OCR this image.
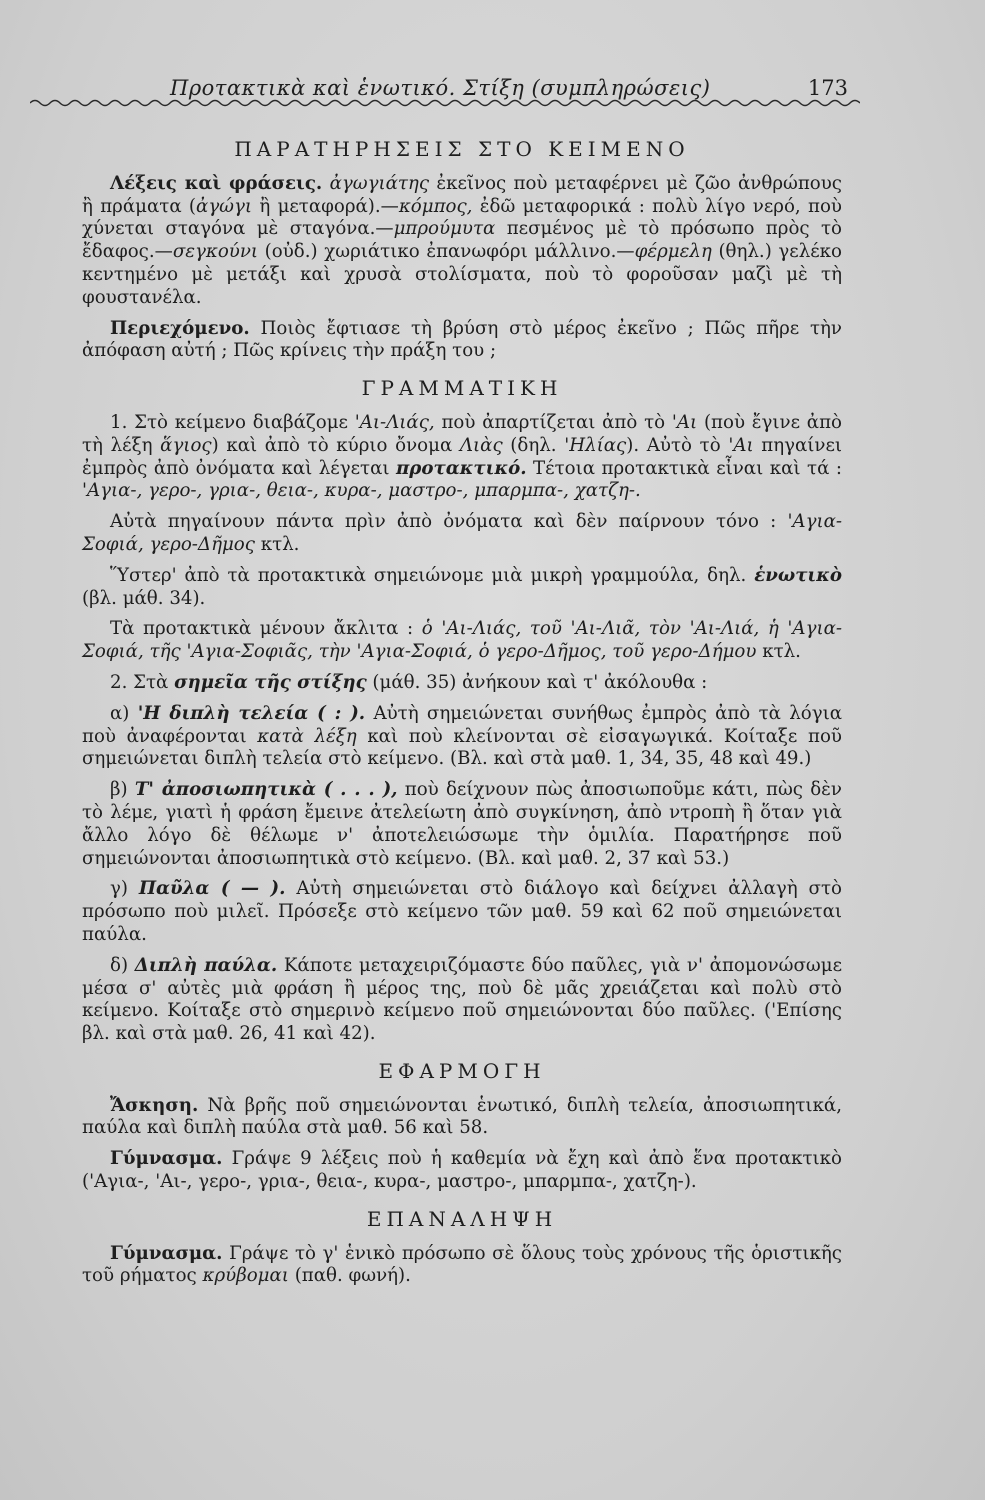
Προτακτικὰ καὶ ἑνωτικό. Στίξη (συμπληρώσεις)	173
ΠΑΡΑΤΗΡΗΣΕΙΣ ΣΤΟ ΚΕΙΜΕΝΟ

Λέξεις καὶ φράσεις. ἀγωγιάτης ἐκεῖνος ποὺ μεταφέρνει μὲ ζῶο ἀνθρώπους ἢ πράματα (ἀγώγι ἢ μεταφορά).—κόμπος, ἐδῶ μεταφορικά : πολὺ λίγο νερό, ποὺ χύνεται σταγόνα μὲ σταγόνα.—μπρούμυτα πεσμένος μὲ τὸ πρόσωπο πρὸς τὸ ἔδαφος.—σεγκούνι (οὐδ.) χωριάτικο ἐπανωφόρι μάλλινο.—φέρμελη (θηλ.) γελέκο κεντημένο μὲ μετάξι καὶ χρυσὰ στολίσματα, ποὺ τὸ φοροῦσαν μαζὶ μὲ τὴ φουστανέλα.

Περιεχόμενο. Ποιὸς ἔφτιασε τὴ βρύση στὸ μέρος ἐκεῖνο ; Πῶς πῆρε τὴν ἀπόφαση αὐτή ; Πῶς κρίνεις τὴν πράξη του ;

ΓΡΑΜΜΑΤΙΚΗ

1. Στὸ κείμενο διαβάζομε 'Αι-Λιάς, ποὺ ἀπαρτίζεται ἀπὸ τὸ 'Αι (ποὺ ἔγινε ἀπὸ τὴ λέξη ἅγιος) καὶ ἀπὸ τὸ κύριο ὄνομα Λιὰς (δηλ. 'Ηλίας). Αὐτὸ τὸ 'Αι πηγαίνει ἐμπρὸς ἀπὸ ὀνόματα καὶ λέγεται προτακτικό. Τέτοια προτακτικὰ εἶναι καὶ τά : 'Αγια-, γερο-, γρια-, θεια-, κυρα-, μαστρο-, μπαρμπα-, χατζη-.

Αὐτὰ πηγαίνουν πάντα πρὶν ἀπὸ ὀνόματα καὶ δὲν παίρνουν τόνο : 'Αγια-Σοφιά, γερο-Δῆμος κτλ.

Ὕστερ' ἀπὸ τὰ προτακτικὰ σημειώνομε μιὰ μικρὴ γραμμούλα, δηλ. ἑνωτικὸ (βλ. μάθ. 34).

Τὰ προτακτικὰ μένουν ἄκλιτα : ὁ 'Αι-Λιάς, τοῦ 'Αι-Λιᾶ, τὸν 'Αι-Λιά, ἡ 'Αγια-Σοφιά, τῆς 'Αγια-Σοφιᾶς, τὴν 'Αγια-Σοφιά, ὁ γερο-Δῆμος, τοῦ γερο-Δήμου κτλ.

2. Στὰ σημεῖα τῆς στίξης (μάθ. 35) ἀνήκουν καὶ τ' ἀκόλουθα :

α) 'Η διπλὴ τελεία ( : ). Αὐτὴ σημειώνεται συνήθως ἐμπρὸς ἀπὸ τὰ λόγια ποὺ ἀναφέρονται κατὰ λέξη καὶ ποὺ κλείνονται σὲ εἰσαγωγικά. Κοίταξε ποῦ σημειώνεται διπλὴ τελεία στὸ κείμενο. (Βλ. καὶ στὰ μαθ. 1, 34, 35, 48 καὶ 49.)

β) Τ' ἀποσιωπητικὰ ( . . . ), ποὺ δείχνουν πὼς ἀποσιωποῦμε κάτι, πὼς δὲν τὸ λέμε, γιατὶ ἡ φράση ἔμεινε ἀτελείωτη ἀπὸ συγκίνηση, ἀπὸ ντροπὴ ἢ ὅταν γιὰ ἄλλο λόγο δὲ θέλωμε ν' ἀποτελειώσωμε τὴν ὁμιλία. Παρατήρησε ποῦ σημειώνονται ἀποσιωπητικὰ στὸ κείμενο. (Βλ. καὶ μαθ. 2, 37 καὶ 53.)

γ) Παῦλα ( — ). Αὐτὴ σημειώνεται στὸ διάλογο καὶ δείχνει ἀλλαγὴ στὸ πρόσωπο ποὺ μιλεῖ. Πρόσεξε στὸ κείμενο τῶν μαθ. 59 καὶ 62 ποῦ σημειώνεται παύλα.

δ) Διπλὴ παύλα. Κάποτε μεταχειριζόμαστε δύο παῦλες, γιὰ ν' ἀπομονώσωμε μέσα σ' αὐτὲς μιὰ φράση ἢ μέρος της, ποὺ δὲ μᾶς χρειάζεται καὶ πολὺ στὸ κείμενο. Κοίταξε στὸ σημερινὸ κείμενο ποῦ σημειώνονται δύο παῦλες. ('Επίσης βλ. καὶ στὰ μαθ. 26, 41 καὶ 42).

ΕΦΑΡΜΟΓΗ

Ἄσκηση. Νὰ βρῆς ποῦ σημειώνονται ἑνωτικό, διπλὴ τελεία, ἀποσιωπητικά, παύλα καὶ διπλὴ παύλα στὰ μαθ. 56 καὶ 58.

Γύμνασμα. Γράψε 9 λέξεις ποὺ ἡ καθεμία νὰ ἔχη καὶ ἀπὸ ἕνα προτακτικὸ ('Αγια-, 'Αι-, γερο-, γρια-, θεια-, κυρα-, μαστρο-, μπαρμπα-, χατζη-).

ΕΠΑΝΑΛΗΨΗ

Γύμνασμα. Γράψε τὸ γ' ἑνικὸ πρόσωπο σὲ ὅλους τοὺς χρόνους τῆς ὁριστικῆς τοῦ ρήματος κρύβομαι (παθ. φωνή).
